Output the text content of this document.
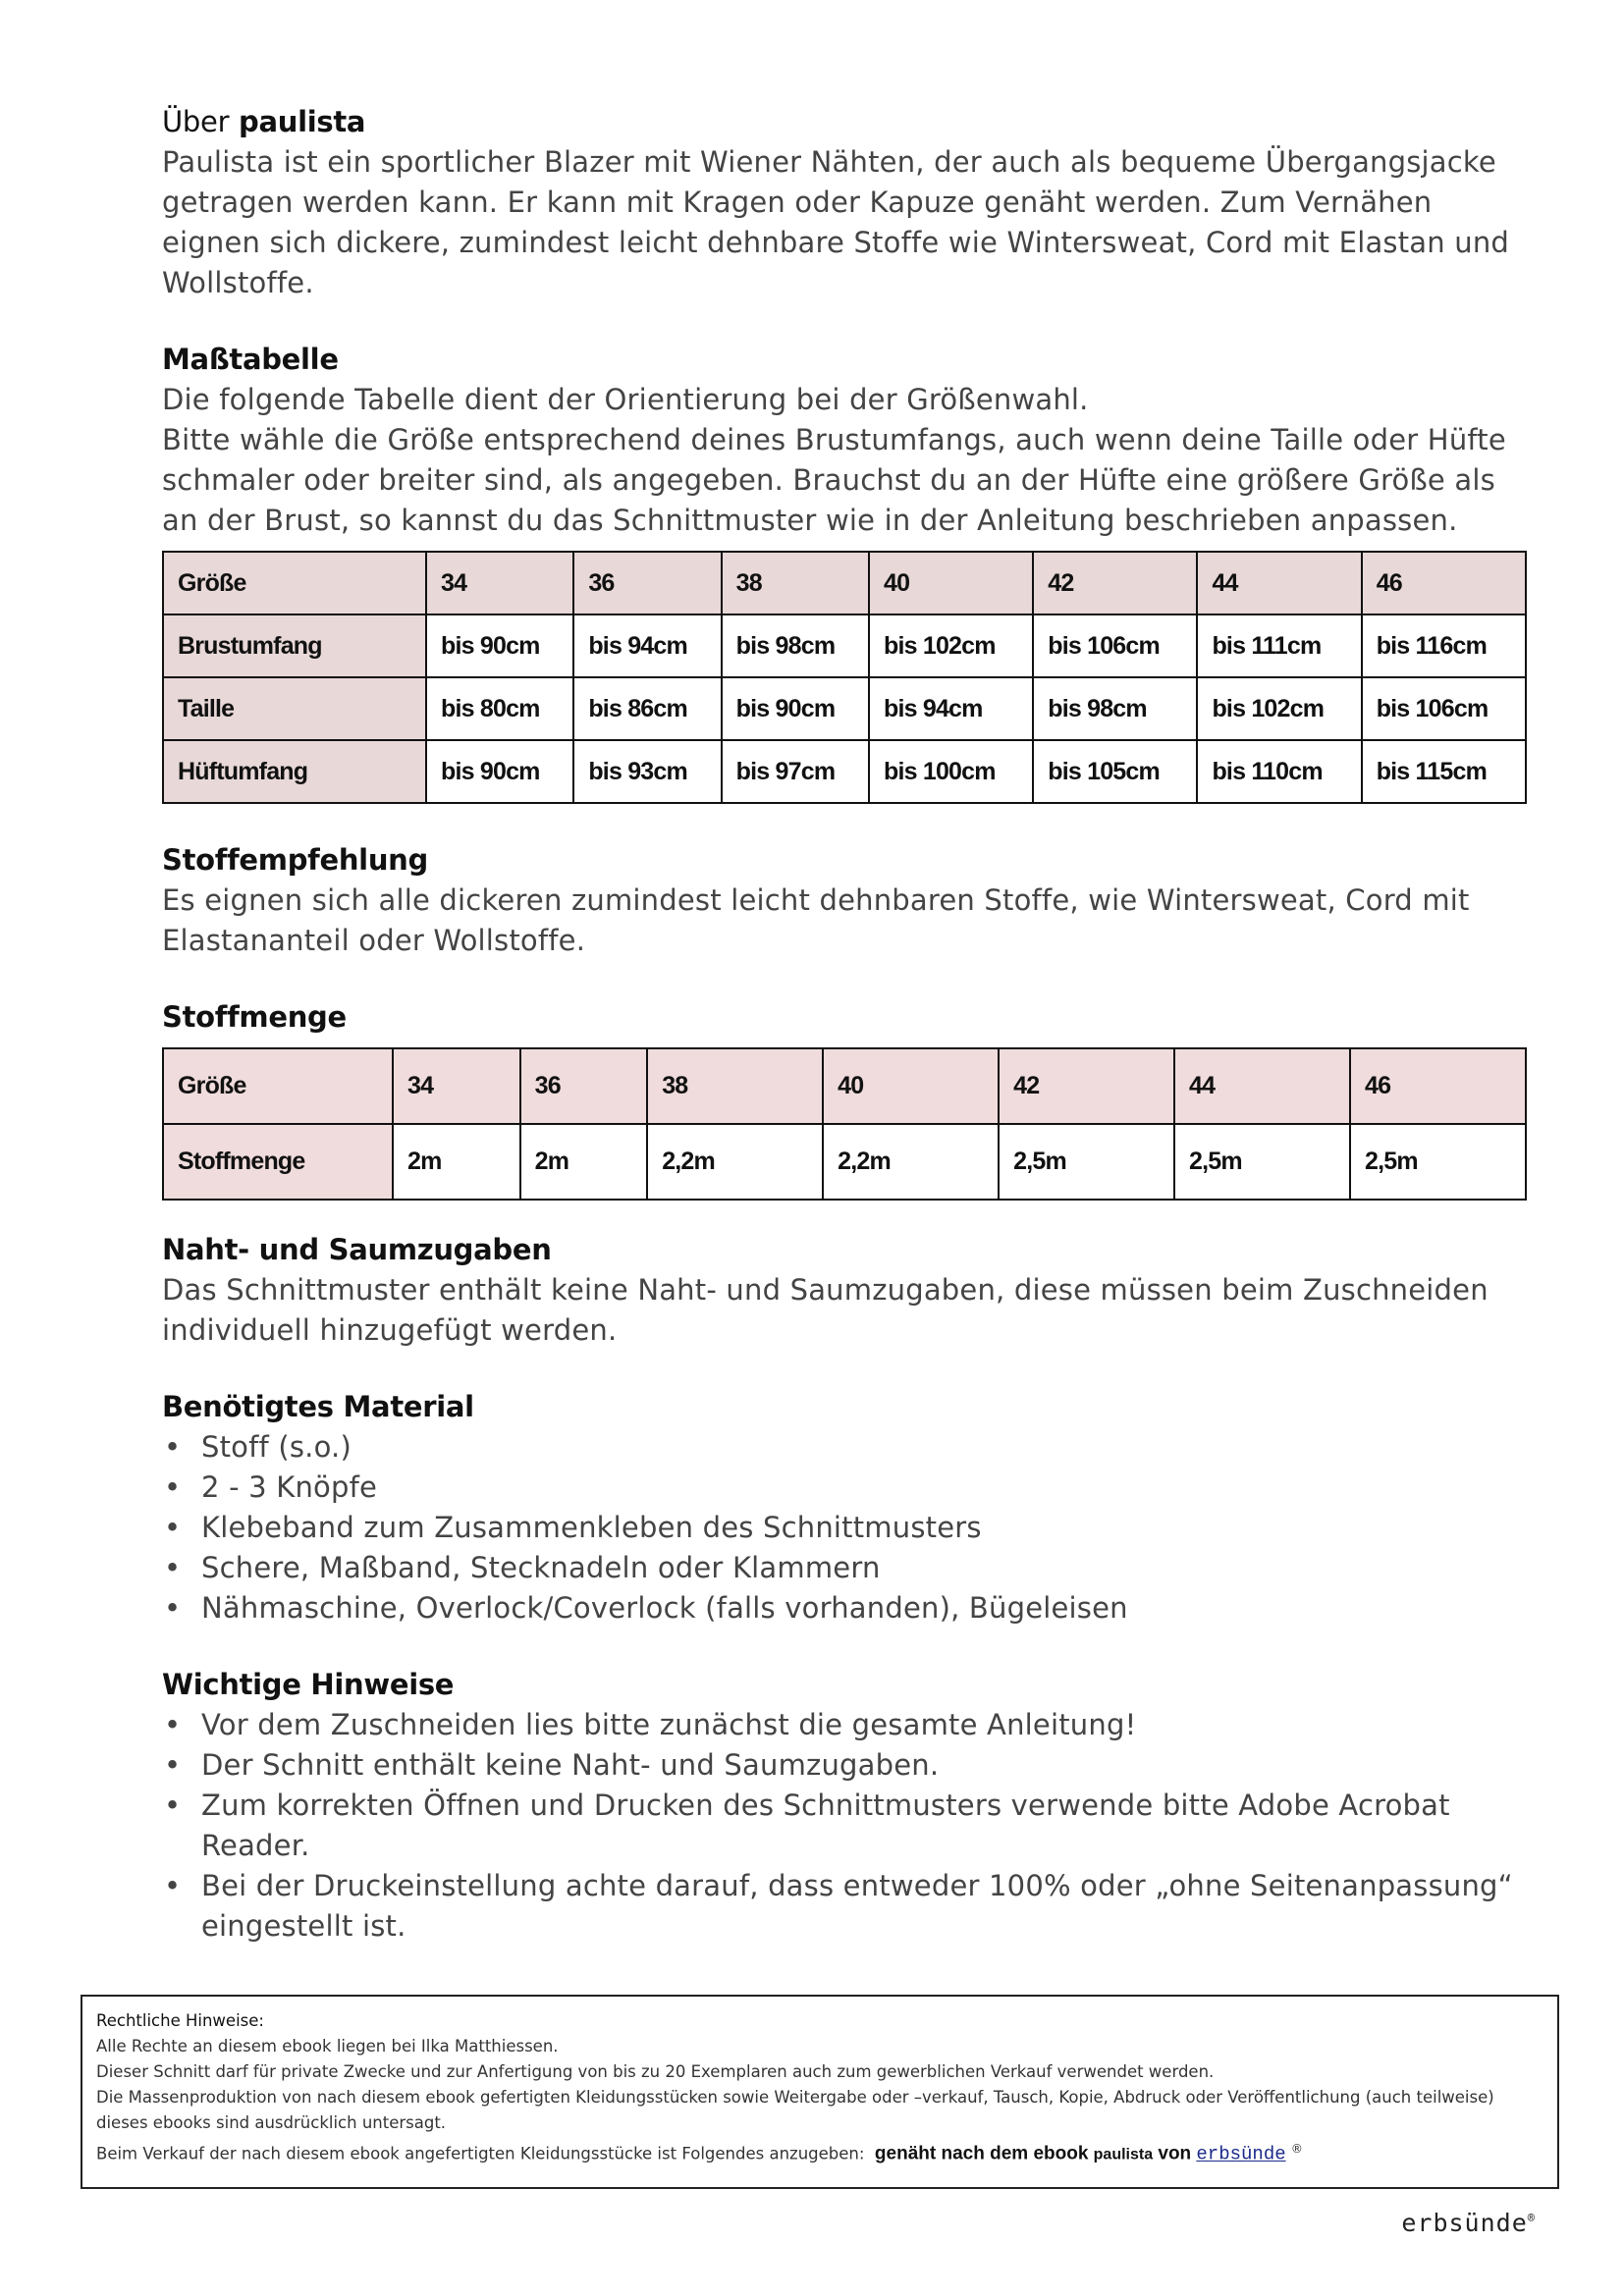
Über paulista

Paulista ist ein sportlicher Blazer mit Wiener Nähten, der auch als bequeme Übergangsjacke getragen werden kann. Er kann mit Kragen oder Kapuze genäht werden. Zum Vernähen eignen sich dickere, zumindest leicht dehnbare Stoffe wie Wintersweat, Cord mit Elastan und Wollstoffe.

Maßtabelle

Die folgende Tabelle dient der Orientierung bei der Größenwahl.

Bitte wähle die Größe entsprechend deines Brustumfangs, auch wenn deine Taille oder Hüfte schmaler oder breiter sind, als angegeben. Brauchst du an der Hüfte eine größere Größe als an der Brust, so kannst du das Schnittmuster wie in der Anleitung beschrieben anpassen.

Größe	34	36	38	40	42	44	46
Brustumfang	bis 90cm	bis 94cm	bis 98cm	bis 102cm	bis 106cm	bis 111cm	bis 116cm
Taille	bis 80cm	bis 86cm	bis 90cm	bis 94cm	bis 98cm	bis 102cm	bis 106cm
Hüftumfang	bis 90cm	bis 93cm	bis 97cm	bis 100cm	bis 105cm	bis 110cm	bis 115cm

Stoffempfehlung

Es eignen sich alle dickeren zumindest leicht dehnbaren Stoffe, wie Wintersweat, Cord mit Elastananteil oder Wollstoffe.

Stoffmenge

Größe	34	36	38	40	42	44	46
Stoffmenge	2m	2m	2,2m	2,2m	2,5m	2,5m	2,5m

Naht- und Saumzugaben

Das Schnittmuster enthält keine Naht- und Saumzugaben, diese müssen beim Zuschneiden individuell hinzugefügt werden.

Benötigtes Material

• Stoff (s.o.)
• 2 - 3 Knöpfe
• Klebeband zum Zusammenkleben des Schnittmusters
• Schere, Maßband, Stecknadeln oder Klammern
• Nähmaschine, Overlock/Coverlock (falls vorhanden), Bügeleisen

Wichtige Hinweise

• Vor dem Zuschneiden lies bitte zunächst die gesamte Anleitung!
• Der Schnitt enthält keine Naht- und Saumzugaben.
• Zum korrekten Öffnen und Drucken des Schnittmusters verwende bitte Adobe Acrobat Reader.
• Bei der Druckeinstellung achte darauf, dass entweder 100% oder „ohne Seitenanpassung“ eingestellt ist.
Rechtliche Hinweise:
Alle Rechte an diesem ebook liegen bei Ilka Matthiessen.
Dieser Schnitt darf für private Zwecke und zur Anfertigung von bis zu 20 Exemplaren auch zum gewerblichen Verkauf verwendet werden.
Die Massenproduktion von nach diesem ebook gefertigten Kleidungsstücken sowie Weitergabe oder –verkauf, Tausch, Kopie, Abdruck oder Veröffentlichung (auch teilweise) dieses ebooks sind ausdrücklich untersagt.
Beim Verkauf der nach diesem ebook angefertigten Kleidungsstücke ist Folgendes anzugeben: genäht nach dem ebook paulista von erbsünde ®
erbsünde®
